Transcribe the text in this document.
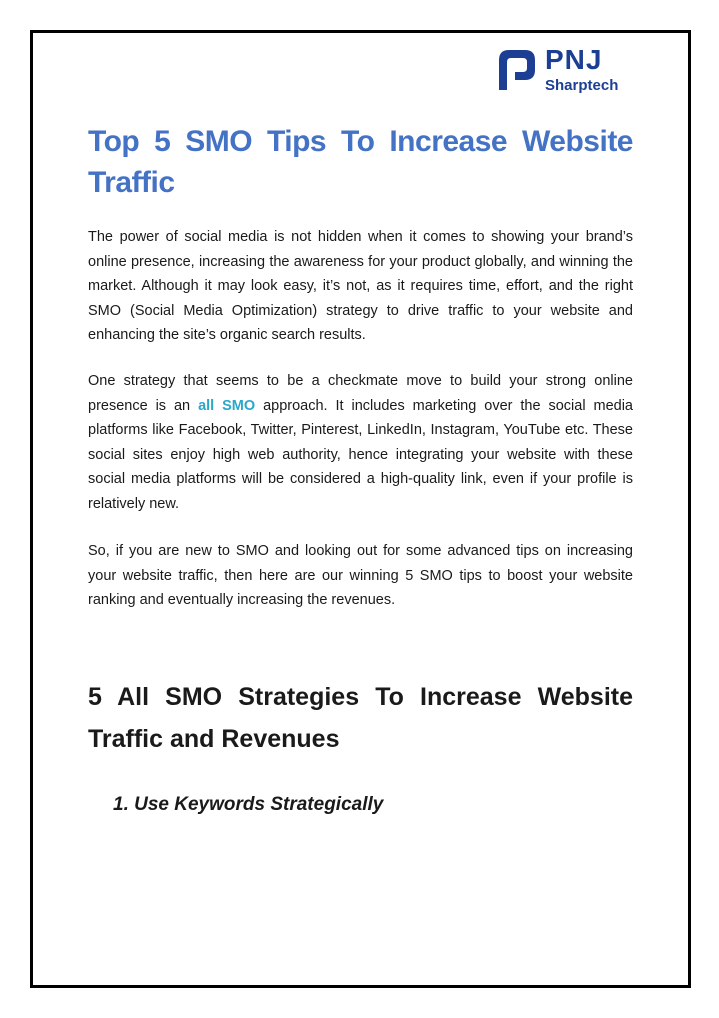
PNJ
Sharptech
Top 5 SMO Tips To Increase Website Traffic

The power of social media is not hidden when it comes to showing your brand’s online presence, increasing the awareness for your product globally, and winning the market. Although it may look easy, it’s not, as it requires time, effort, and the right SMO (Social Media Optimization) strategy to drive traffic to your website and enhancing the site’s organic search results.

One strategy that seems to be a checkmate move to build your strong online presence is an all SMO approach. It includes marketing over the social media platforms like Facebook, Twitter, Pinterest, LinkedIn, Instagram, YouTube etc. These social sites enjoy high web authority, hence integrating your website with these social media platforms will be considered a high-quality link, even if your profile is relatively new.

So, if you are new to SMO and looking out for some advanced tips on increasing your website traffic, then here are our winning 5 SMO tips to boost your website ranking and eventually increasing the revenues.

5 All SMO Strategies To Increase Website Traffic and Revenues
1. Use Keywords Strategically
